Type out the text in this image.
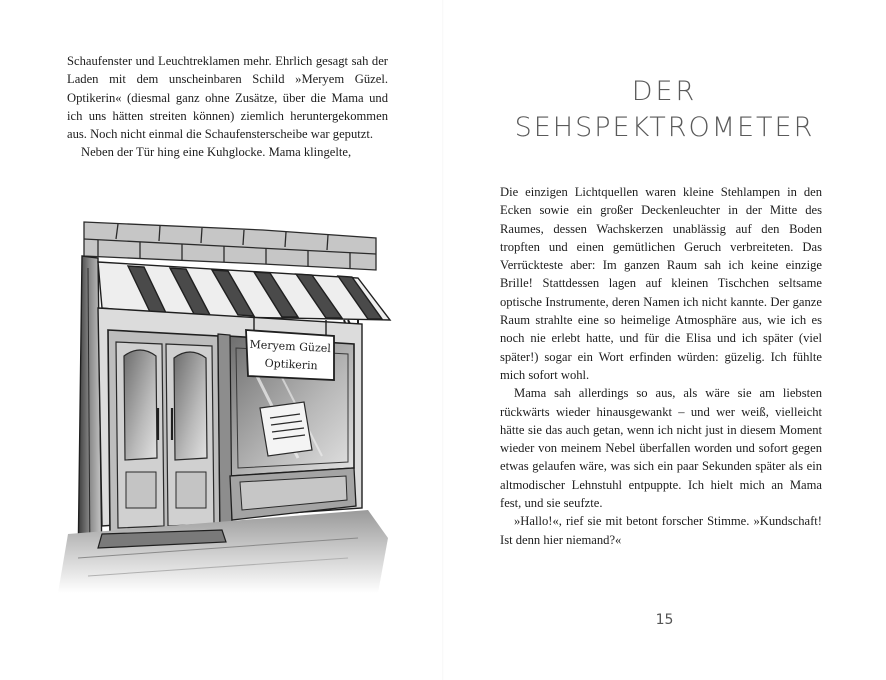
Schaufenster und Leuchtreklamen mehr. Ehrlich gesagt sah der Laden mit dem unscheinbaren Schild »Meryem Güzel. Optikerin« (diesmal ganz ohne Zusätze, über die Mama und ich uns hätten streiten können) ziemlich heruntergekommen aus. Noch nicht einmal die Schaufensterscheibe war geputzt.

Neben der Tür hing eine Kuhglocke. Mama klingelte,

Meryem Güzel
Optikerin
DER
SEHSPEKTROMETER

Die einzigen Lichtquellen waren kleine Stehlampen in den Ecken sowie ein großer Deckenleuchter in der Mitte des Raumes, dessen Wachskerzen unablässig auf den Boden tropften und einen gemütlichen Geruch verbreiteten. Das Verrückteste aber: Im ganzen Raum sah ich keine einzige Brille! Stattdessen lagen auf kleinen Tischchen seltsame optische Instrumente, deren Namen ich nicht kannte. Der ganze Raum strahlte eine so heimelige Atmosphäre aus, wie ich es noch nie erlebt hatte, und für die Elisa und ich später (viel später!) sogar ein Wort erfinden würden: güzelig. Ich fühlte mich sofort wohl.

Mama sah allerdings so aus, als wäre sie am liebsten rückwärts wieder hinausgewankt – und wer weiß, vielleicht hätte sie das auch getan, wenn ich nicht just in diesem Moment wieder von meinem Nebel überfallen worden und sofort gegen etwas gelaufen wäre, was sich ein paar Sekunden später als ein altmodischer Lehnstuhl entpuppte. Ich hielt mich an Mama fest, und sie seufzte.

»Hallo!«, rief sie mit betont forscher Stimme. »Kundschaft! Ist denn hier niemand?«

15
